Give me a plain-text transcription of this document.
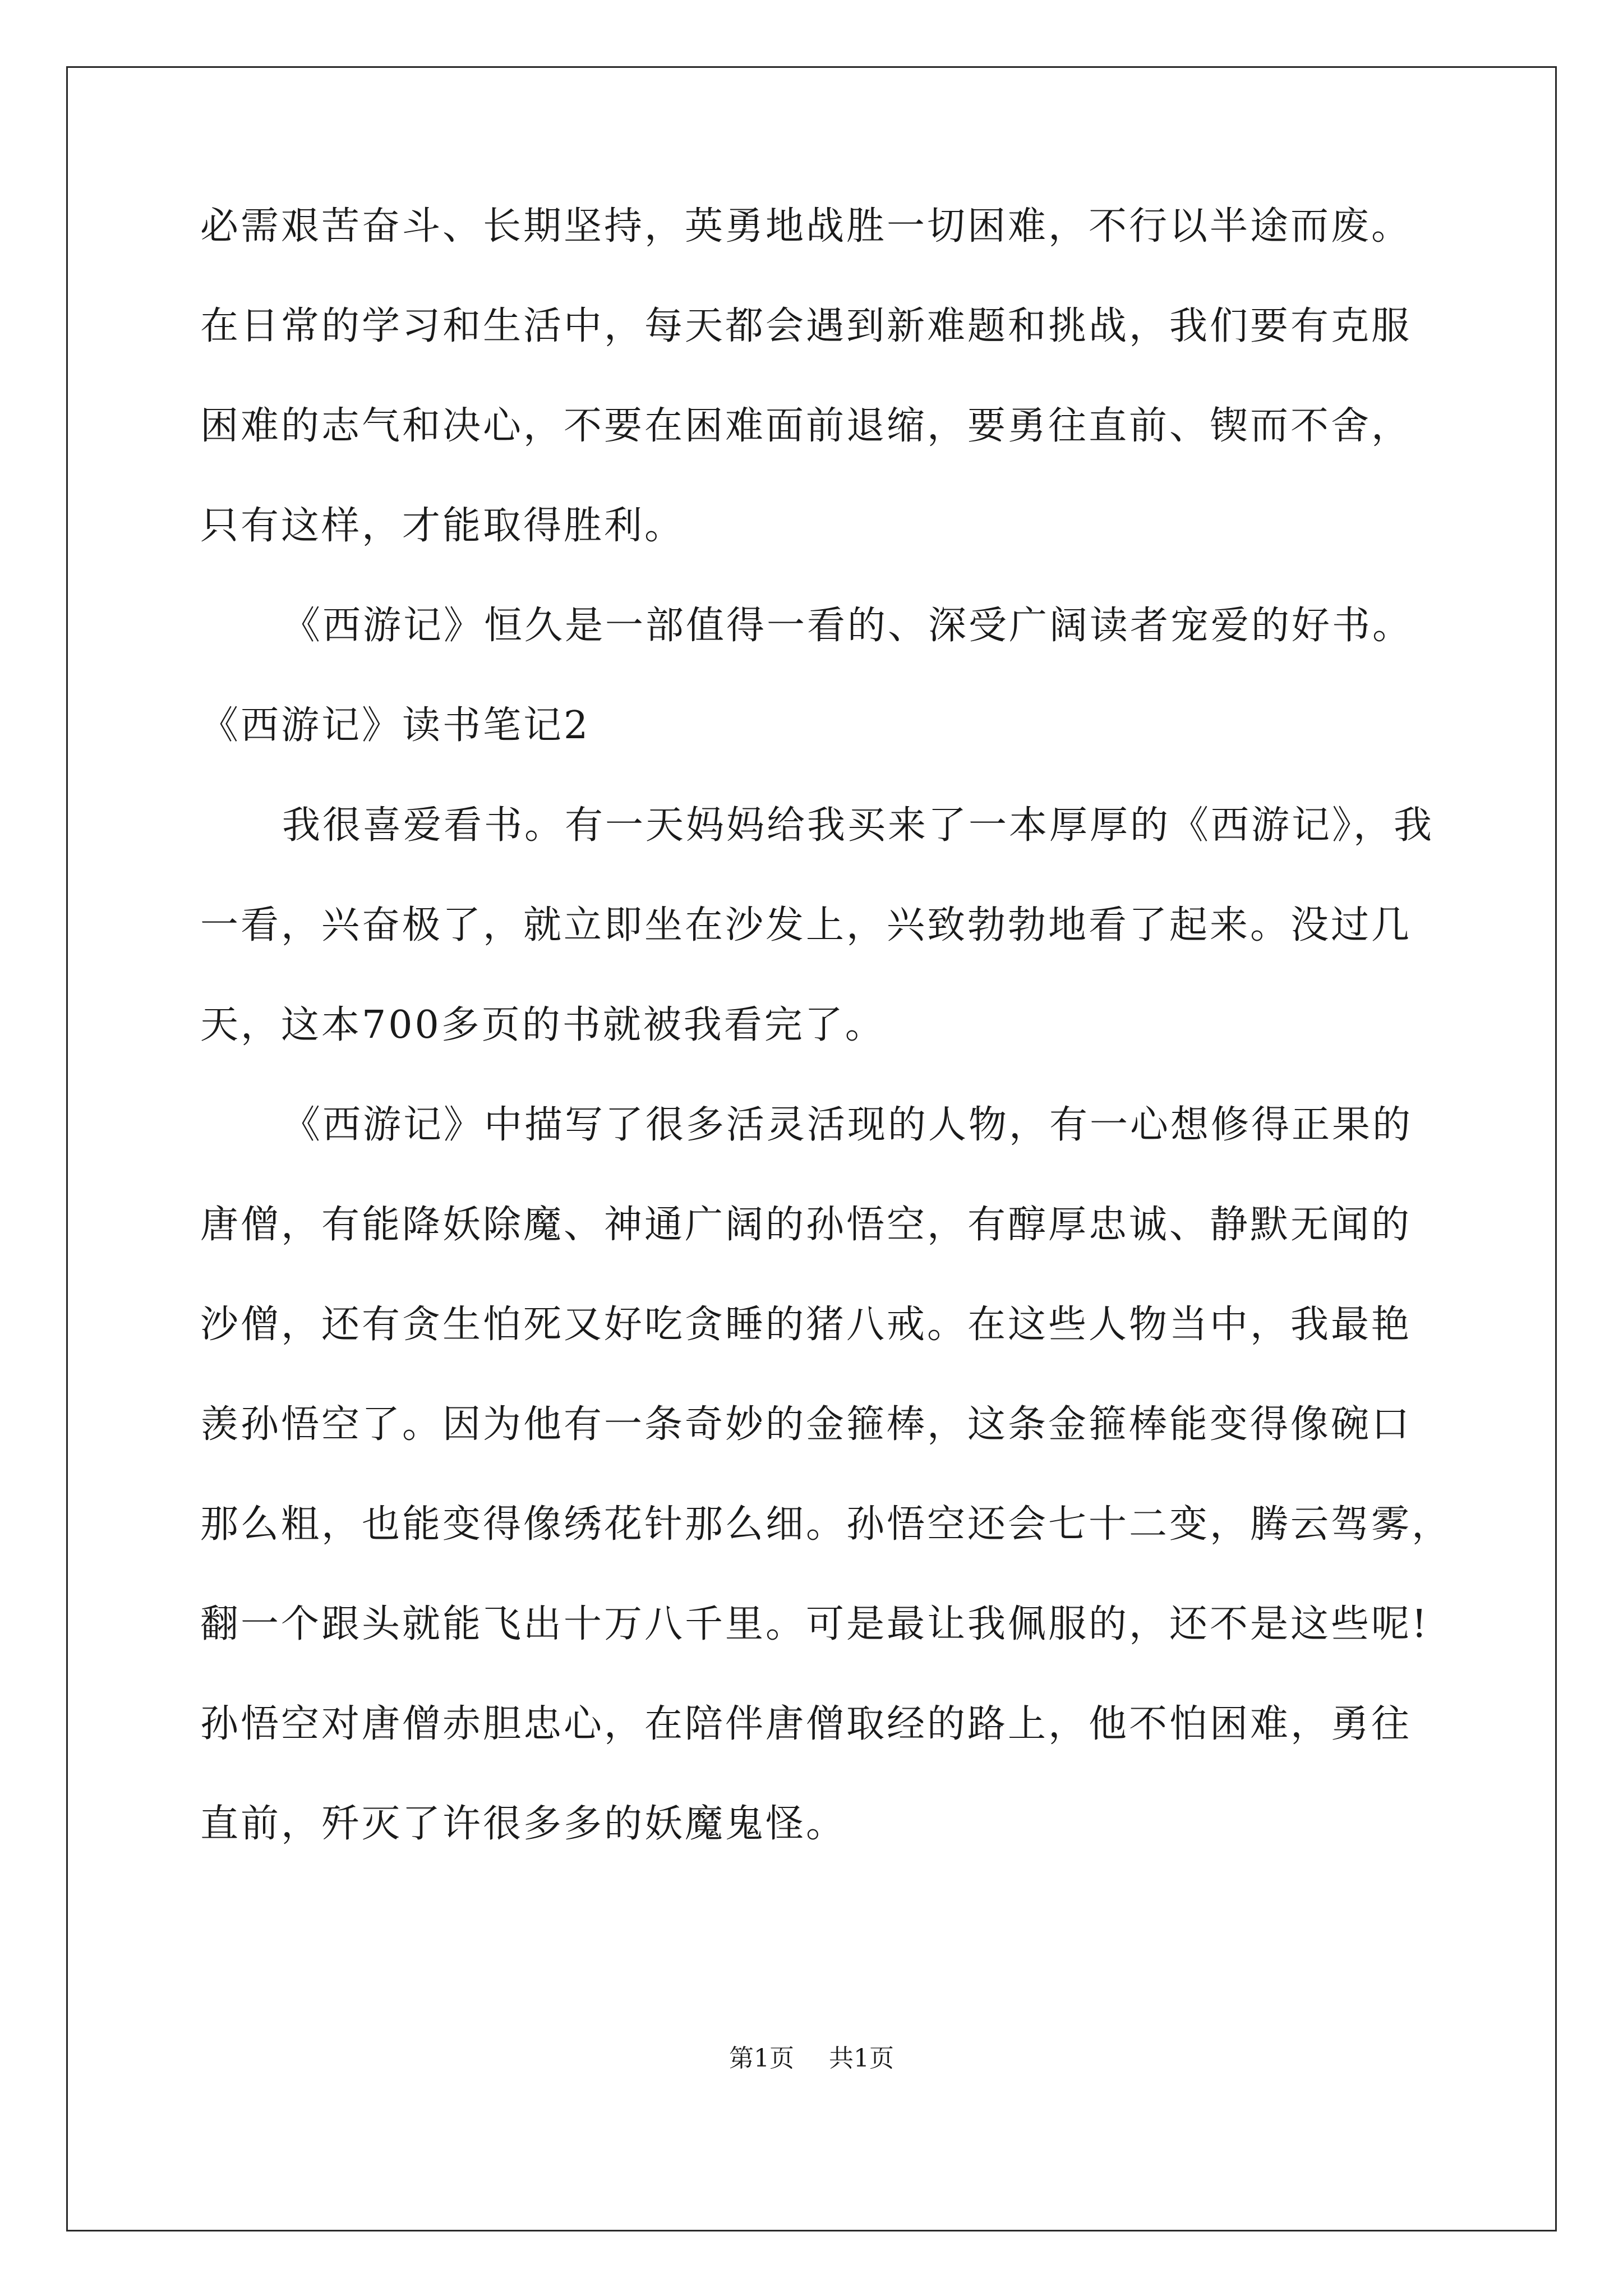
必需艰苦奋斗、长期坚持，英勇地战胜一切困难，不行以半途而废。

在日常的学习和生活中，每天都会遇到新难题和挑战，我们要有克服

困难的志气和决心，不要在困难面前退缩，要勇往直前、锲而不舍，

只有这样，才能取得胜利。

《西游记》恒久是一部值得一看的、深受广阔读者宠爱的好书。

《西游记》读书笔记2

我很喜爱看书。有一天妈妈给我买来了一本厚厚的《西游记》，我

一看，兴奋极了，就立即坐在沙发上，兴致勃勃地看了起来。没过几

天，这本700多页的书就被我看完了。

《西游记》中描写了很多活灵活现的人物，有一心想修得正果的

唐僧，有能降妖除魔、神通广阔的孙悟空，有醇厚忠诚、静默无闻的

沙僧，还有贪生怕死又好吃贪睡的猪八戒。在这些人物当中，我最艳

羡孙悟空了。因为他有一条奇妙的金箍棒，这条金箍棒能变得像碗口

那么粗，也能变得像绣花针那么细。孙悟空还会七十二变，腾云驾雾，

翻一个跟头就能飞出十万八千里。可是最让我佩服的，还不是这些呢!

孙悟空对唐僧赤胆忠心，在陪伴唐僧取经的路上，他不怕困难，勇往

直前，歼灭了许很多多的妖魔鬼怪。

第1页 共1页
